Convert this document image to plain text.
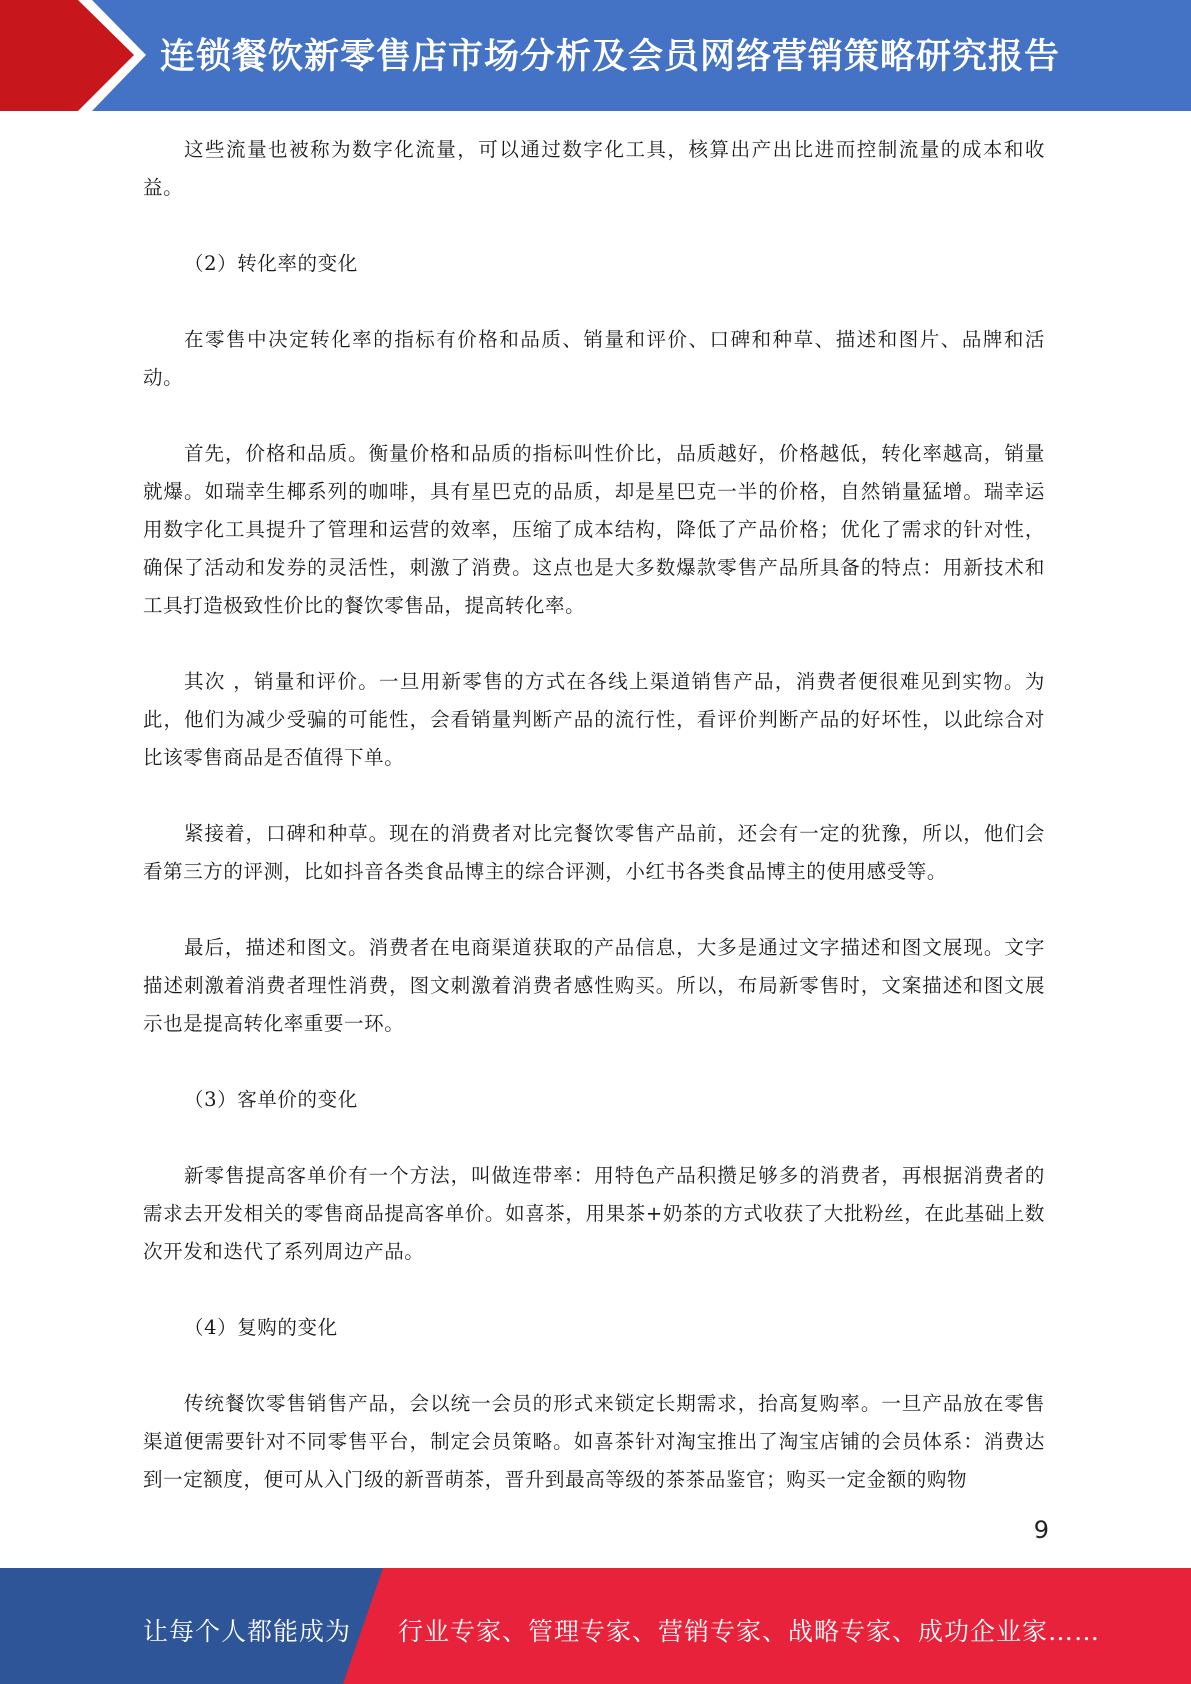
连锁餐饮新零售店市场分析及会员网络营销策略研究报告

这些流量也被称为数字化流量，可以通过数字化工具，核算出产出比进而控制流量的成本和收益。

（2）转化率的变化

在零售中决定转化率的指标有价格和品质、销量和评价、口碑和种草、描述和图片、品牌和活动。

首先，价格和品质。衡量价格和品质的指标叫性价比，品质越好，价格越低，转化率越高，销量就爆。如瑞幸生椰系列的咖啡，具有星巴克的品质，却是星巴克一半的价格，自然销量猛增。瑞幸运用数字化工具提升了管理和运营的效率，压缩了成本结构，降低了产品价格；优化了需求的针对性，确保了活动和发券的灵活性，刺激了消费。这点也是大多数爆款零售产品所具备的特点：用新技术和工具打造极致性价比的餐饮零售品，提高转化率。

其次 ，销量和评价。一旦用新零售的方式在各线上渠道销售产品，消费者便很难见到实物。为此，他们为减少受骗的可能性，会看销量判断产品的流行性，看评价判断产品的好坏性，以此综合对比该零售商品是否值得下单。

紧接着，口碑和种草。现在的消费者对比完餐饮零售产品前，还会有一定的犹豫，所以，他们会看第三方的评测，比如抖音各类食品博主的综合评测，小红书各类食品博主的使用感受等。

最后，描述和图文。消费者在电商渠道获取的产品信息，大多是通过文字描述和图文展现。文字描述刺激着消费者理性消费，图文刺激着消费者感性购买。所以，布局新零售时，文案描述和图文展示也是提高转化率重要一环。

（3）客单价的变化

新零售提高客单价有一个方法，叫做连带率：用特色产品积攒足够多的消费者，再根据消费者的需求去开发相关的零售商品提高客单价。如喜茶，用果茶+奶茶的方式收获了大批粉丝，在此基础上数次开发和迭代了系列周边产品。

（4）复购的变化

传统餐饮零售销售产品，会以统一会员的形式来锁定长期需求，抬高复购率。一旦产品放在零售渠道便需要针对不同零售平台，制定会员策略。如喜茶针对淘宝推出了淘宝店铺的会员体系：消费达到一定额度，便可从入门级的新晋萌茶，晋升到最高等级的茶茶品鉴官；购买一定金额的购物

9
让每个人都能成为 行业专家、管理专家、营销专家、战略专家、成功企业家……
